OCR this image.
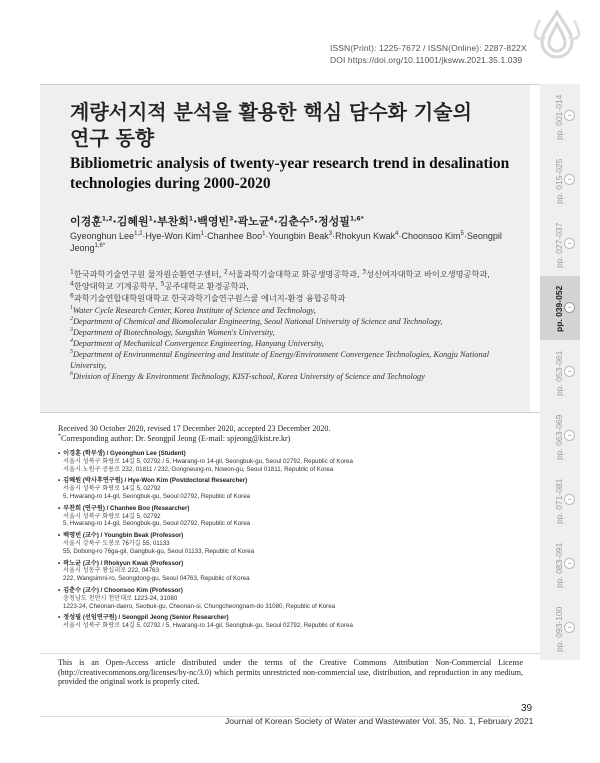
ISSN(Print): 1225-7672 / ISSN(Online): 2287-822X
DOI https://doi.org/10.11001/jksww.2021.35.1.039
계량서지적 분석을 활용한 핵심 담수화 기술의
연구 동향
Bibliometric analysis of twenty-year research trend in desalination
technologies during 2000-2020
이경훈$^{1,2}$·김혜원$^1$·부찬희$^1$·백영빈$^3$·곽노균$^4$·김춘수$^5$·정성필$^{1,6*}$
Gyeonghun Lee$^{1,2}$·Hye-Won Kim$^1$·Chanhee Boo$^1$·Youngbin Beak$^3$·Rhokyun Kwak$^4$·Choonsoo Kim$^5$·Seongpil Jeong$^{1,6*}$

$^1$한국과학기술연구원 물자원순환연구센터, $^2$서울과학기술대학교 화공생명공학과, $^3$성신여자대학교 바이오생명공학과,

$^4$한양대학교 기계공학부, $^5$공주대학교 환경공학과,

$^6$과학기술연합대학원대학교 한국과학기술연구원스쿨 에너지-환경 융합공학과

$^1$Water Cycle Research Center, Korea Institute of Science and Technology,

$^2$Department of Chemical and Biomolecular Engineering, Seoul National University of Science and Technology,

$^3$Department of Biotechnology, Sungshin Women's University,

$^4$Department of Mechanical Convergence Engineering, Hanyang University,

$^5$Department of Environmental Engineering and Institute of Energy/Environment Convergence Technologies, Kongju National University,

$^6$Division of Energy & Environment Technology, KIST-school, Korea University of Science and Technology

Received 30 October 2020, revised 17 December 2020, accepted 23 December 2020.
*Corresponding author: Dr. Seongpil Jeong (E-mail: spjeong@kist.re.kr)
• 이경훈 (학부생) / Gyeonghun Lee (Student)
서울시 성북구 화랑로 14길 5, 02792 / 5, Hwarang-ro 14-gil, Seongbuk-gu, Seoul 02792, Republic of Korea
서울시 노원구 공릉로 232, 01811 / 232, Gongneung-ro, Nowon-gu, Seoul 01811, Republic of Korea
• 김혜원 (박사후연구원) / Hye-Won Kim (Postdoctoral Researcher)
서울시 성북구 화랑로 14길 5, 02792
5, Hwarang-ro 14-gil, Seongbuk-gu, Seoul 02792, Republic of Korea
• 부찬희 (연구원) / Chanhee Boo (Researcher)
서울시 성북구 화랑로 14길 5, 02792
5, Hwarang-ro 14-gil, Seongbuk-gu, Seoul 02792, Republic of Korea
• 백영빈 (교수) / Youngbin Beak (Professor)
서울시 강북구 도봉로 76가길 55, 01133
55, Dobong-ro 76ga-gil, Gangbuk-gu, Seoul 01133, Republic of Korea
• 곽노균 (교수) / Rhokyun Kwak (Professor)
서울시 성동구 왕십리로 222, 04763
222, Wangsimni-ro, Seongdong-gu, Seoul 04763, Republic of Korea
• 김춘수 (교수) / Choonsoo Kim (Professor)
충청남도 천안시 천안대로 1223-24, 31080
1223-24, Cheonan-daero, Seobuk-gu, Cheonan-si, Chungcheongnam-do 31080, Republic of Korea
• 정성필 (선임연구원) / Seongpil Jeong (Senior Researcher)
서울시 성북구 화랑로 14길 5, 02792 / 5, Hwarang-ro 14-gil, Seongbuk-gu, Seoul 02792, Republic of Korea
This is an Open-Access article distributed under the terms of the Creative Commons Attribution Non-Commercial License (http://creativecommons.org/licenses/by-nc/3.0) which permits unrestricted non-commercial use, distribution, and reproduction in any medium, provided the original work is properly cited.
39
Journal of Korean Society of Water and Wastewater Vol. 35, No. 1, February 2021
pp. 001-014
pp. 015-025
pp. 027-037
pp. 039-052
pp. 053-061
pp. 063-069
pp. 071-081
pp. 083-091
pp. 093-100
